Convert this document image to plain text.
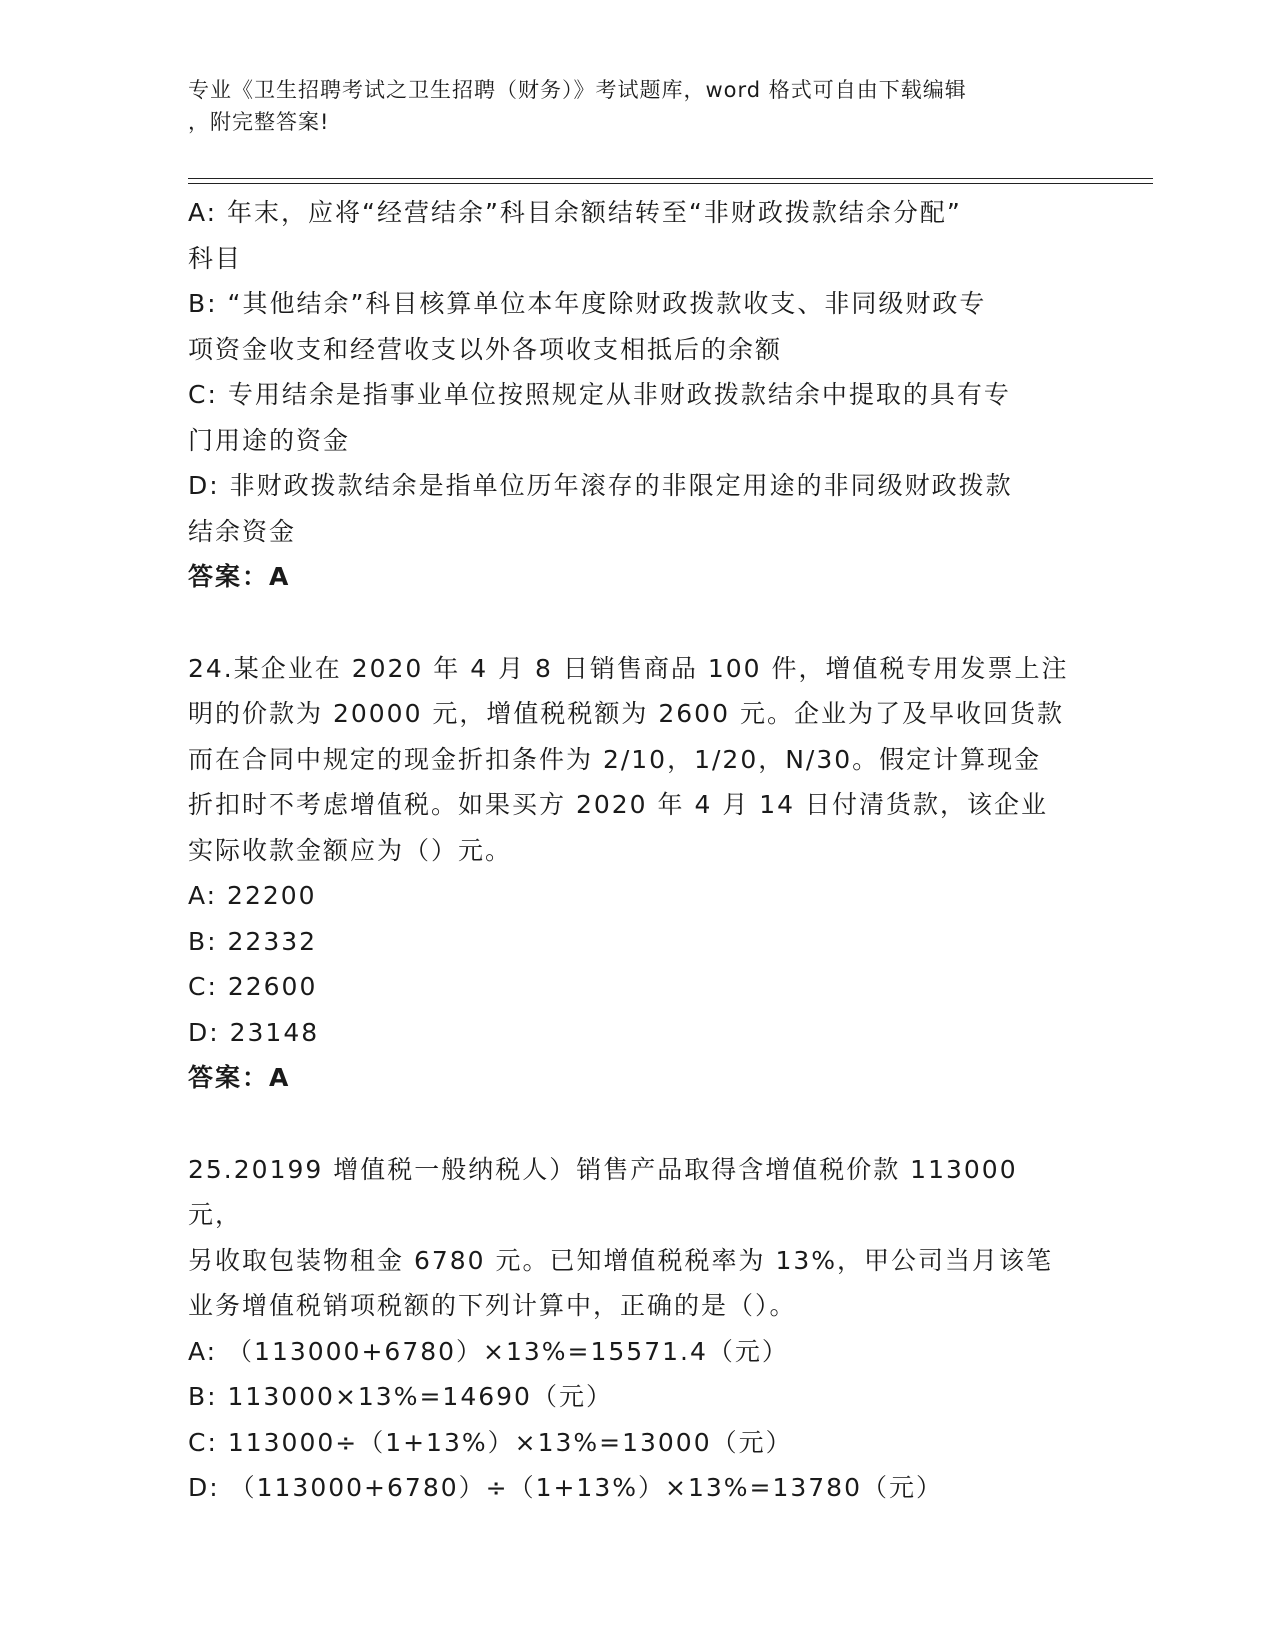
专业《卫生招聘考试之卫生招聘（财务）》考试题库，word 格式可自由下载编辑
，附完整答案!

A: 年末，应将“经营结余”科目余额结转至“非财政拨款结余分配”

科目

B: “其他结余”科目核算单位本年度除财政拨款收支、非同级财政专

项资金收支和经营收支以外各项收支相抵后的余额

C: 专用结余是指事业单位按照规定从非财政拨款结余中提取的具有专

门用途的资金

D: 非财政拨款结余是指单位历年滚存的非限定用途的非同级财政拨款

结余资金

答案：A

24.某企业在 2020 年 4 月 8 日销售商品 100 件，增值税专用发票上注

明的价款为 20000 元，增值税税额为 2600 元。企业为了及早收回货款

而在合同中规定的现金折扣条件为 2/10，1/20，N/30。假定计算现金

折扣时不考虑增值税。如果买方 2020 年 4 月 14 日付清货款，该企业

实际收款金额应为（）元。

A: 22200

B: 22332

C: 22600

D: 23148

答案：A

25.20199 增值税一般纳税人）销售产品取得含增值税价款 113000 元，

另收取包装物租金 6780 元。已知增值税税率为 13%，甲公司当月该笔

业务增值税销项税额的下列计算中，正确的是（）。

A: （113000+6780）×13%=15571.4（元）

B: 113000×13%=14690（元）

C: 113000÷（1+13%）×13%=13000（元）

D: （113000+6780）÷（1+13%）×13%=13780（元）
